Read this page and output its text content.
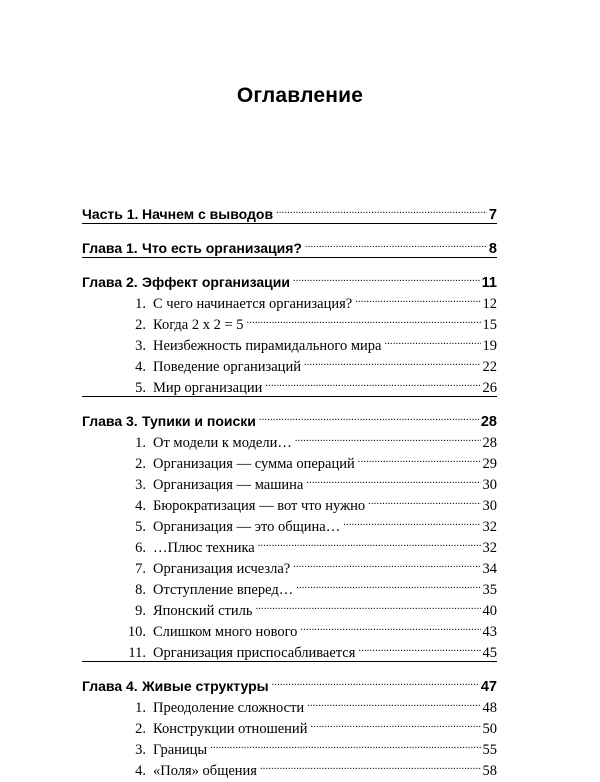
Оглавление
Часть 1. Начнем с выводов .....	7
Глава 1. Что есть организация? .....	8
Глава 2. Эффект организации .....	11
1. С чего начинается организация? .....	12
2. Когда 2 х 2 = 5 .....	15
3. Неизбежность пирамидального мира .....	19
4. Поведение организаций .....	22
5. Мир организации .....	26
Глава 3. Тупики и поиски .....	28
1. От модели к модели… .....	28
2. Организация — сумма операций .....	29
3. Организация — машина .....	30
4. Бюрократизация — вот что нужно .....	30
5. Организация — это община… .....	32
6. …Плюс техника .....	32
7. Организация исчезла? .....	34
8. Отступление вперед… .....	35
9. Японский стиль .....	40
10. Слишком много нового .....	43
11. Организация приспосабливается .....	45
Глава 4. Живые структуры .....	47
1. Преодоление сложности .....	48
2. Конструкции отношений .....	50
3. Границы .....	55
4. «Поля» общения .....	58
